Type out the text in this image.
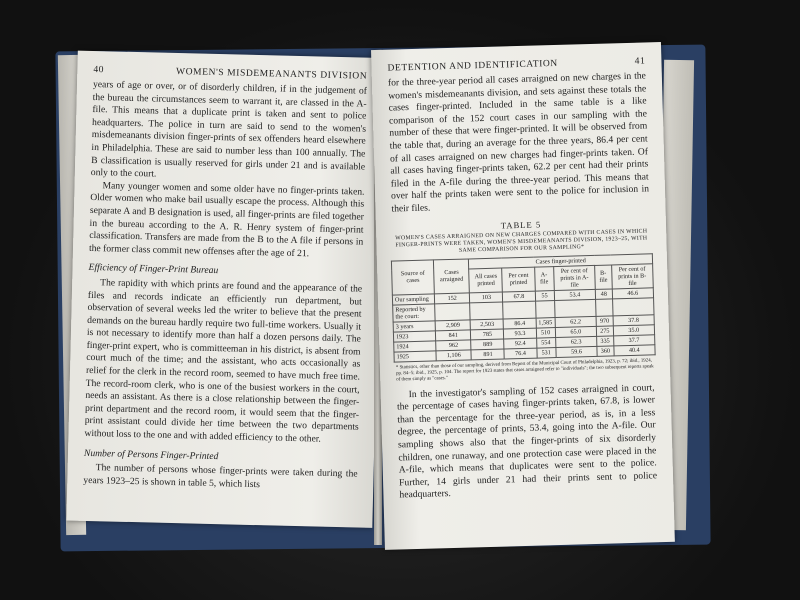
40	WOMEN'S MISDEMEANANTS DIVISION

years of age or over, or of disorderly children, if in the judgement of the bureau the circumstances seem to warrant it, are classed in the A-file. This means that a duplicate print is taken and sent to police headquarters. The police in turn are said to send to the women's misdemeanants division finger-prints of sex offenders heard elsewhere in Philadelphia. These are said to number less than 100 annually. The B classification is usually reserved for girls under 21 and is available only to the court.

Many younger women and some older have no finger-prints taken. Older women who make bail usually escape the process. Although this separate A and B designation is used, all finger-prints are filed together in the bureau according to the A. R. Henry system of finger-print classification. Transfers are made from the B to the A file if persons in the former class commit new offenses after the age of 21.

Efficiency of Finger-Print Bureau

The rapidity with which prints are found and the appearance of the files and records indicate an efficiently run department, but observation of several weeks led the writer to believe that the present demands on the bureau hardly require two full-time workers. Usually it is not necessary to identify more than half a dozen persons daily. The finger-print expert, who is committeeman in his district, is absent from court much of the time; and the assistant, who acts occasionally as relief for the clerk in the record room, seemed to have much free time. The record-room clerk, who is one of the busiest workers in the court, needs an assistant. As there is a close relationship between the finger-print department and the record room, it would seem that the finger-print assistant could divide her time between the two departments without loss to the one and with added efficiency to the other.

Number of Persons Finger-Printed

The number of persons whose finger-prints were taken during the years 1923–25 is shown in table 5, which lists

DETENTION AND IDENTIFICATION	41

for the three-year period all cases arraigned on new charges in the women's misdemeanants division, and sets against these totals the cases finger-printed. Included in the same table is a like comparison of the 152 court cases in our sampling with the number of these that were finger-printed. It will be observed from the table that, during an average for the three years, 86.4 per cent of all cases arraigned on new charges had finger-prints taken. Of all cases having finger-prints taken, 62.2 per cent had their prints filed in the A-file during the three-year period. This means that over half the prints taken were sent to the police for inclusion in their files.

TABLE 5
WOMEN'S CASES ARRAIGNED ON NEW CHARGES COMPARED WITH CASES IN WHICH FINGER-PRINTS WERE TAKEN, WOMEN'S MISDEMEANANTS DIVISION, 1923–25, WITH SAME COMPARISON FOR OUR SAMPLING*
Source of cases	Cases arraigned	Cases finger-printed					
		All cases printed	Per cent printed	A-file	Per cent of prints in A-file	B-file	Per cent of prints in B-file
Our sampling	152	103	67.8	55	53.4	48	46.6
Reported by the court:							
3 years	2,909	2,503	86.4	1,585	62.2	970	37.8
1923	841	785	93.3	510	65.0	275	35.0
1924	962	889	92.4	554	62.3	335	37.7
1925	1,106	891	76.4	531	59.6	360	40.4
* Statistics, other than those of our sampling, derived from Report of the Municipal Court of Philadelphia, 1923, p. 72; ibid., 1924, pp. 84–5; ibid., 1925, p. 104. The report for 1923 states that cases arraigned refer to "individuals"; the two subsequent reports speak of them simply as "cases."

In the investigator's sampling of 152 cases arraigned in court, the percentage of cases having finger-prints taken, 67.8, is lower than the percentage for the three-year period, as is, in a less degree, the percentage of prints, 53.4, going into the A-file. Our sampling shows also that the finger-prints of six disorderly children, one runaway, and one protection case were placed in the A-file, which means that duplicates were sent to the police. Further, 14 girls under 21 had their prints sent to police headquarters.
